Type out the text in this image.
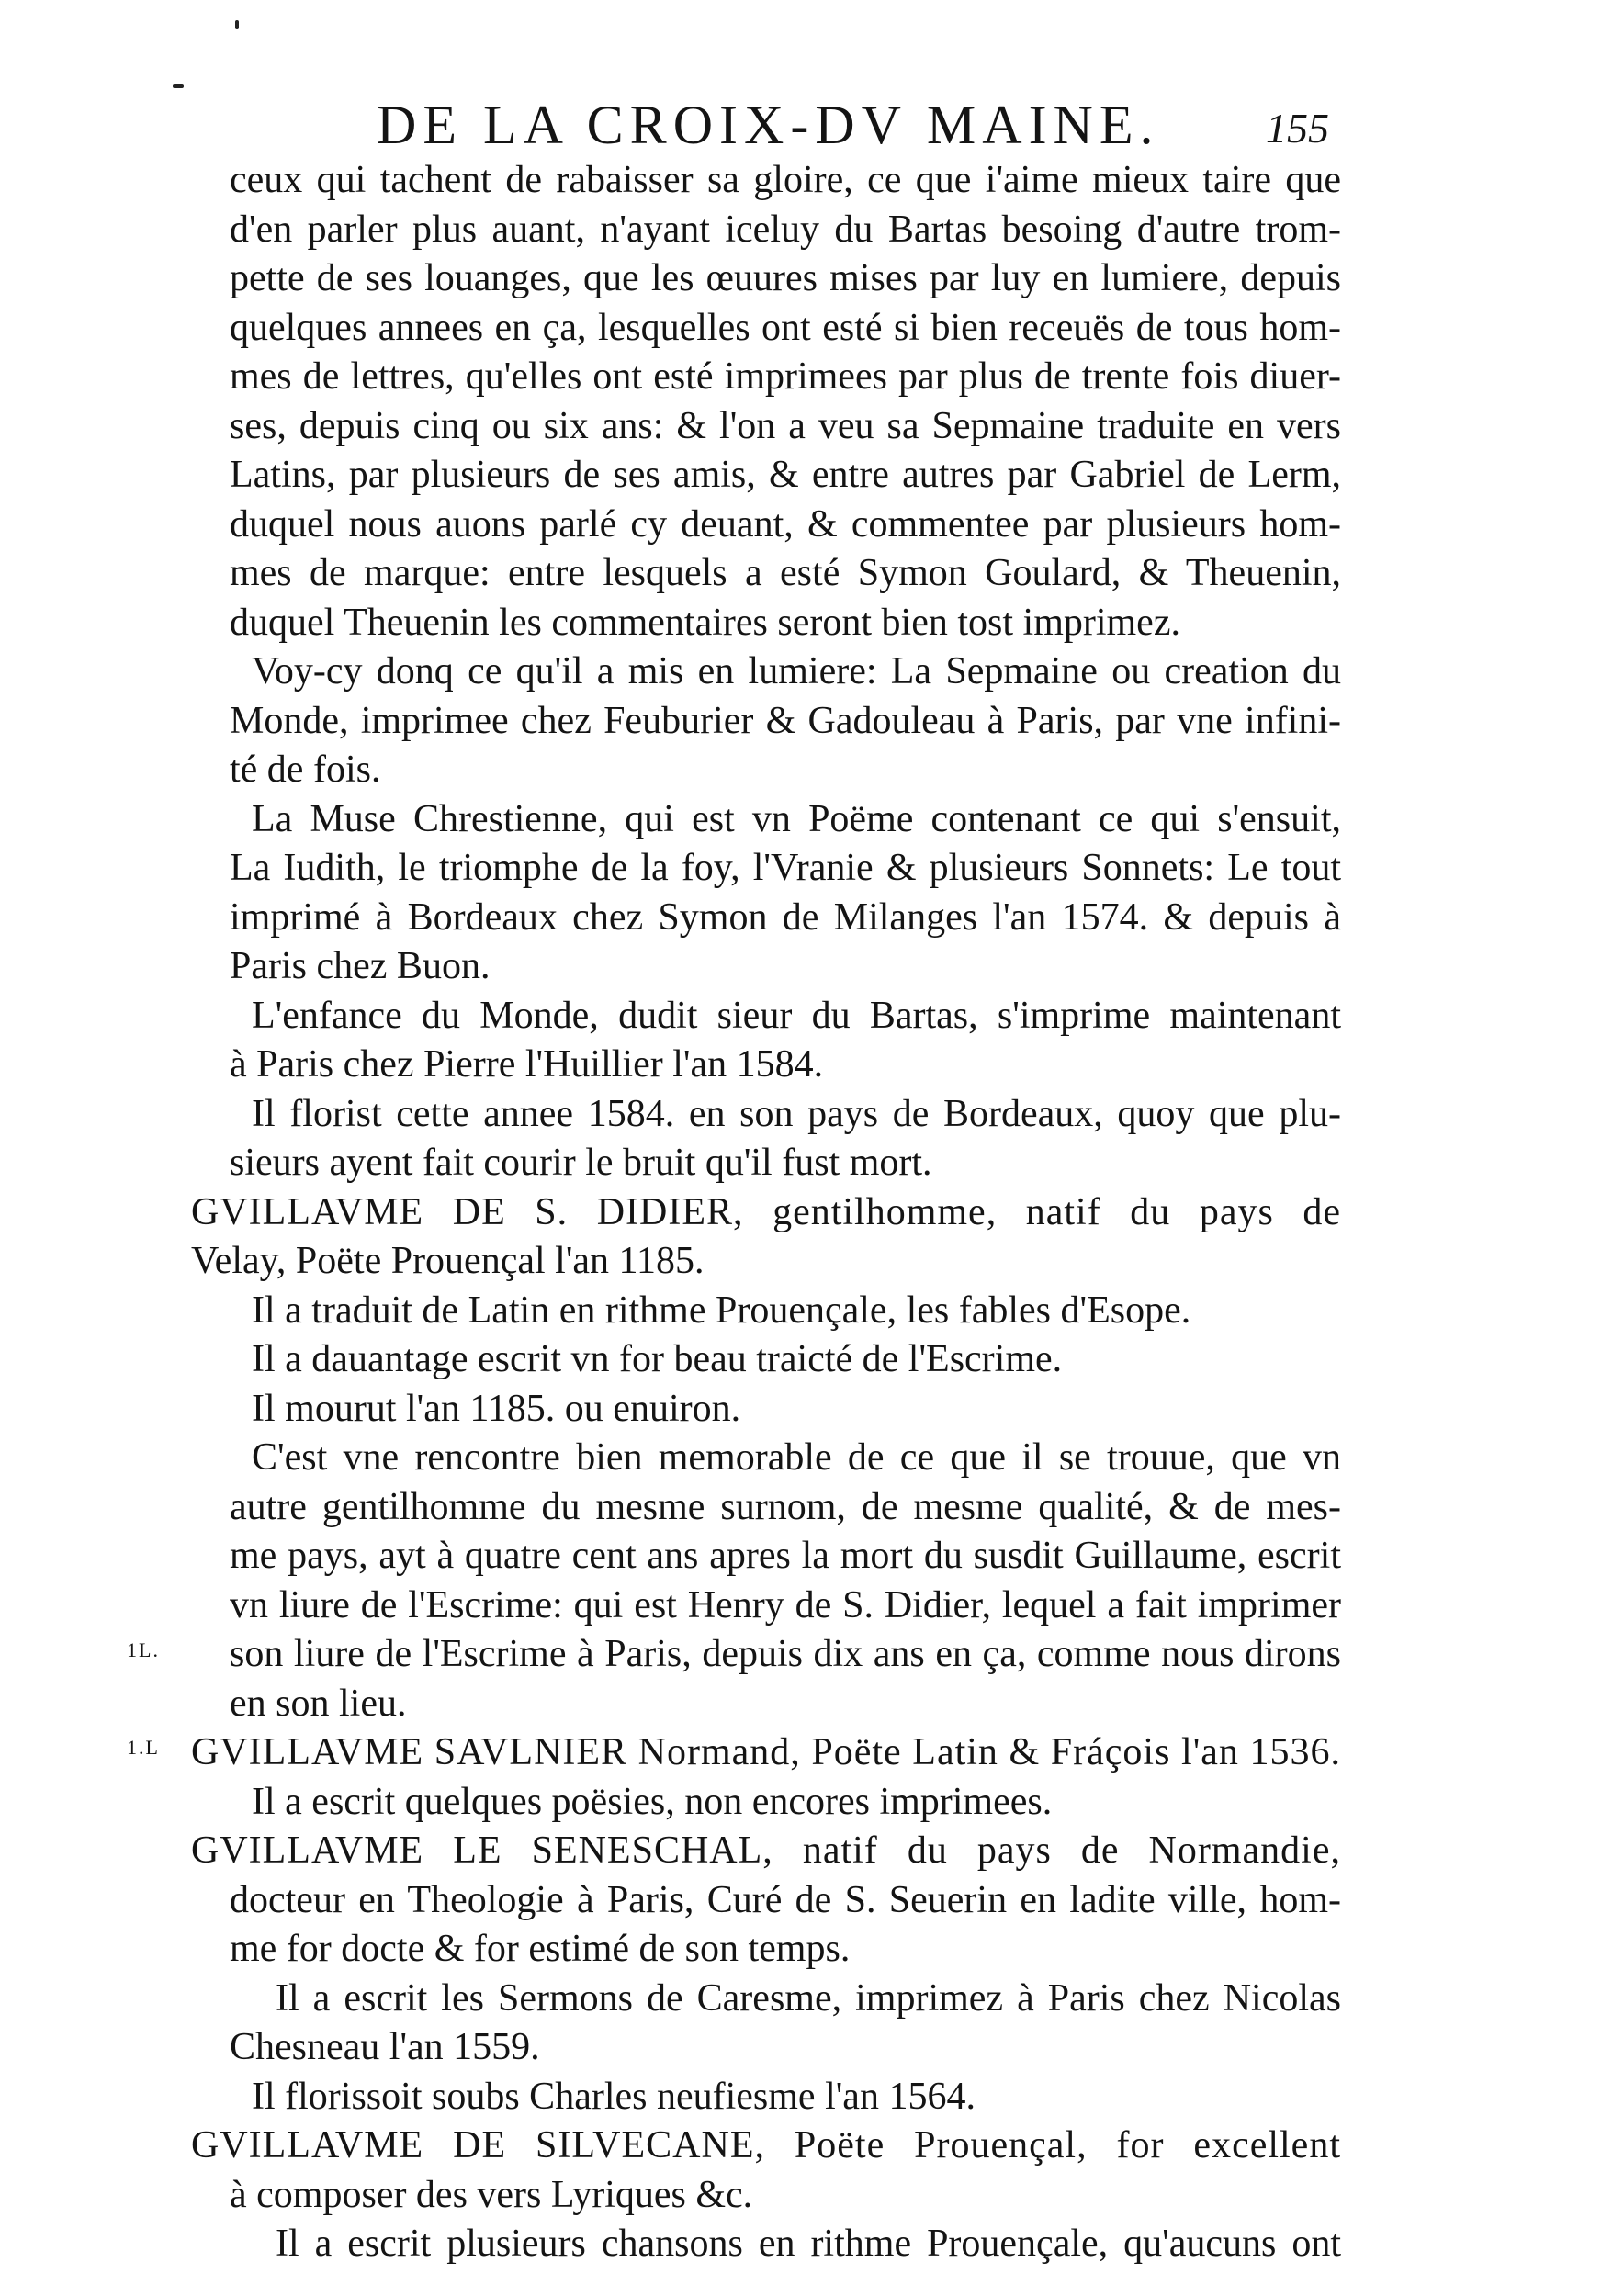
DE LA CROIX-DV MAINE.	155
1L.
1.L
ceux qui tachent de rabaisser sa gloire, ce que i'aime mieux taire que
d'en parler plus auant, n'ayant iceluy du Bartas besoing d'autre trom-
pette de ses louanges, que les œuures mises par luy en lumiere, depuis
quelques annees en ça, lesquelles ont esté si bien receuës de tous hom-
mes de lettres, qu'elles ont esté imprimees par plus de trente fois diuer-
ses, depuis cinq ou six ans: & l'on a veu sa Sepmaine traduite en vers
Latins, par plusieurs de ses amis, & entre autres par Gabriel de Lerm,
duquel nous auons parlé cy deuant, & commentee par plusieurs hom-
mes de marque: entre lesquels a esté Symon Goulard, & Theuenin,
duquel Theuenin les commentaires seront bien tost imprimez.
Voy-cy donq ce qu'il a mis en lumiere: La Sepmaine ou creation du
Monde, imprimee chez Feuburier & Gadouleau à Paris, par vne infini-
té de fois.
La Muse Chrestienne, qui est vn Poëme contenant ce qui s'ensuit,
La Iudith, le triomphe de la foy, l'Vranie & plusieurs Sonnets: Le tout
imprimé à Bordeaux chez Symon de Milanges l'an 1574. & depuis à
Paris chez Buon.
L'enfance du Monde, dudit sieur du Bartas, s'imprime maintenant
à Paris chez Pierre l'Huillier l'an 1584.
Il florist cette annee 1584. en son pays de Bordeaux, quoy que plu-
sieurs ayent fait courir le bruit qu'il fust mort.
GVILLAVME DE S. DIDIER, gentilhomme, natif du pays de
Velay, Poëte Prouençal l'an 1185.
Il a traduit de Latin en rithme Prouençale, les fables d'Esope.
Il a dauantage escrit vn for beau traicté de l'Escrime.
Il mourut l'an 1185. ou enuiron.
C'est vne rencontre bien memorable de ce que il se trouue, que vn
autre gentilhomme du mesme surnom, de mesme qualité, & de mes-
me pays, ayt à quatre cent ans apres la mort du susdit Guillaume, escrit
vn liure de l'Escrime: qui est Henry de S. Didier, lequel a fait imprimer
son liure de l'Escrime à Paris, depuis dix ans en ça, comme nous dirons
en son lieu.
GVILLAVME SAVLNIER Normand, Poëte Latin & Fráçois l'an 1536.
Il a escrit quelques poësies, non encores imprimees.
GVILLAVME LE SENESCHAL, natif du pays de Normandie,
docteur en Theologie à Paris, Curé de S. Seuerin en ladite ville, hom-
me for docte & for estimé de son temps.
Il a escrit les Sermons de Caresme, imprimez à Paris chez Nicolas
Chesneau l'an 1559.
Il florissoit soubs Charles neufiesme l'an 1564.
GVILLAVME DE SILVECANE, Poëte Prouençal, for excellent
à composer des vers Lyriques &c.
Il a escrit plusieurs chansons en rithme Prouençale, qu'aucuns ont
